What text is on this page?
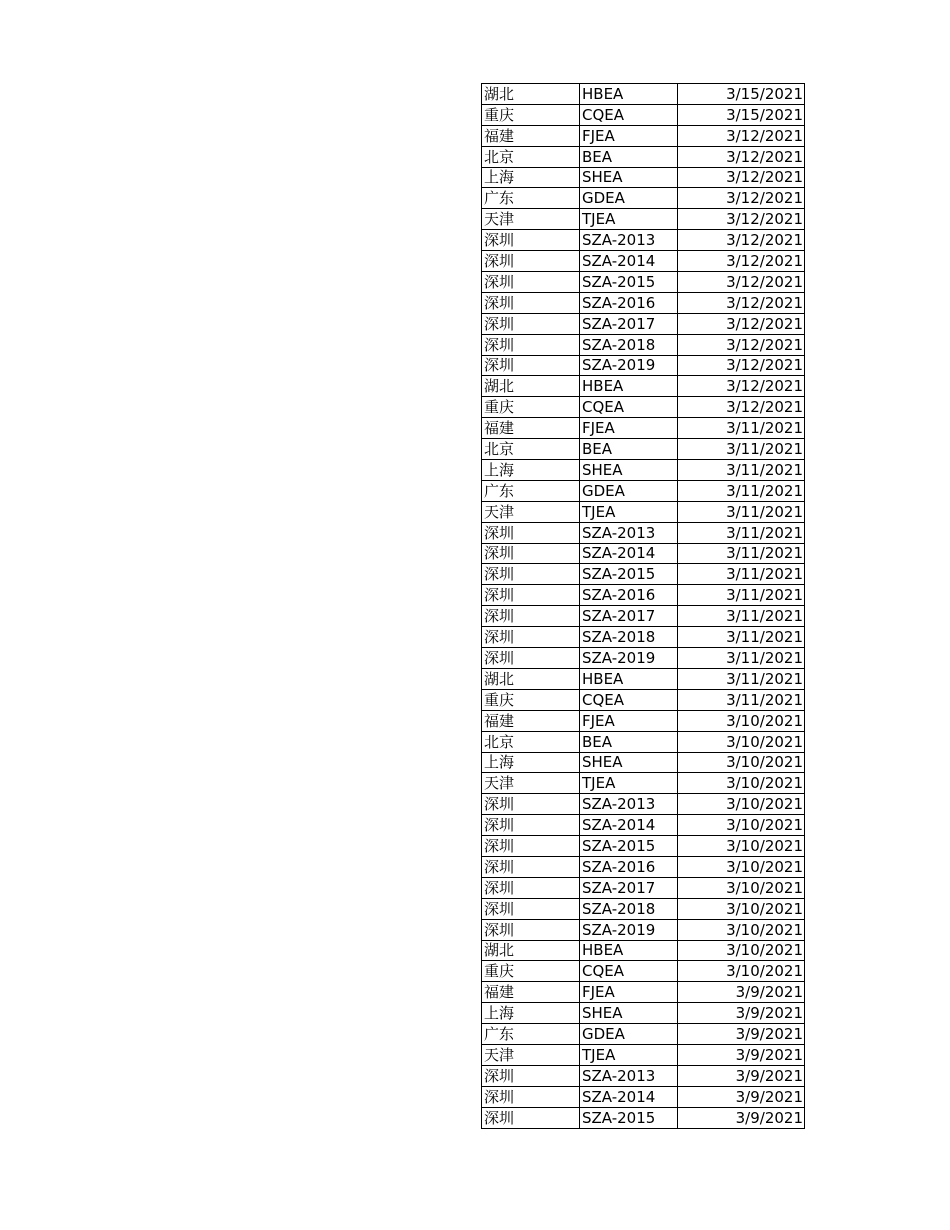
湖北	HBEA	3/15/2021
重庆	CQEA	3/15/2021
福建	FJEA	3/12/2021
北京	BEA	3/12/2021
上海	SHEA	3/12/2021
广东	GDEA	3/12/2021
天津	TJEA	3/12/2021
深圳	SZA-2013	3/12/2021
深圳	SZA-2014	3/12/2021
深圳	SZA-2015	3/12/2021
深圳	SZA-2016	3/12/2021
深圳	SZA-2017	3/12/2021
深圳	SZA-2018	3/12/2021
深圳	SZA-2019	3/12/2021
湖北	HBEA	3/12/2021
重庆	CQEA	3/12/2021
福建	FJEA	3/11/2021
北京	BEA	3/11/2021
上海	SHEA	3/11/2021
广东	GDEA	3/11/2021
天津	TJEA	3/11/2021
深圳	SZA-2013	3/11/2021
深圳	SZA-2014	3/11/2021
深圳	SZA-2015	3/11/2021
深圳	SZA-2016	3/11/2021
深圳	SZA-2017	3/11/2021
深圳	SZA-2018	3/11/2021
深圳	SZA-2019	3/11/2021
湖北	HBEA	3/11/2021
重庆	CQEA	3/11/2021
福建	FJEA	3/10/2021
北京	BEA	3/10/2021
上海	SHEA	3/10/2021
天津	TJEA	3/10/2021
深圳	SZA-2013	3/10/2021
深圳	SZA-2014	3/10/2021
深圳	SZA-2015	3/10/2021
深圳	SZA-2016	3/10/2021
深圳	SZA-2017	3/10/2021
深圳	SZA-2018	3/10/2021
深圳	SZA-2019	3/10/2021
湖北	HBEA	3/10/2021
重庆	CQEA	3/10/2021
福建	FJEA	3/9/2021
上海	SHEA	3/9/2021
广东	GDEA	3/9/2021
天津	TJEA	3/9/2021
深圳	SZA-2013	3/9/2021
深圳	SZA-2014	3/9/2021
深圳	SZA-2015	3/9/2021
